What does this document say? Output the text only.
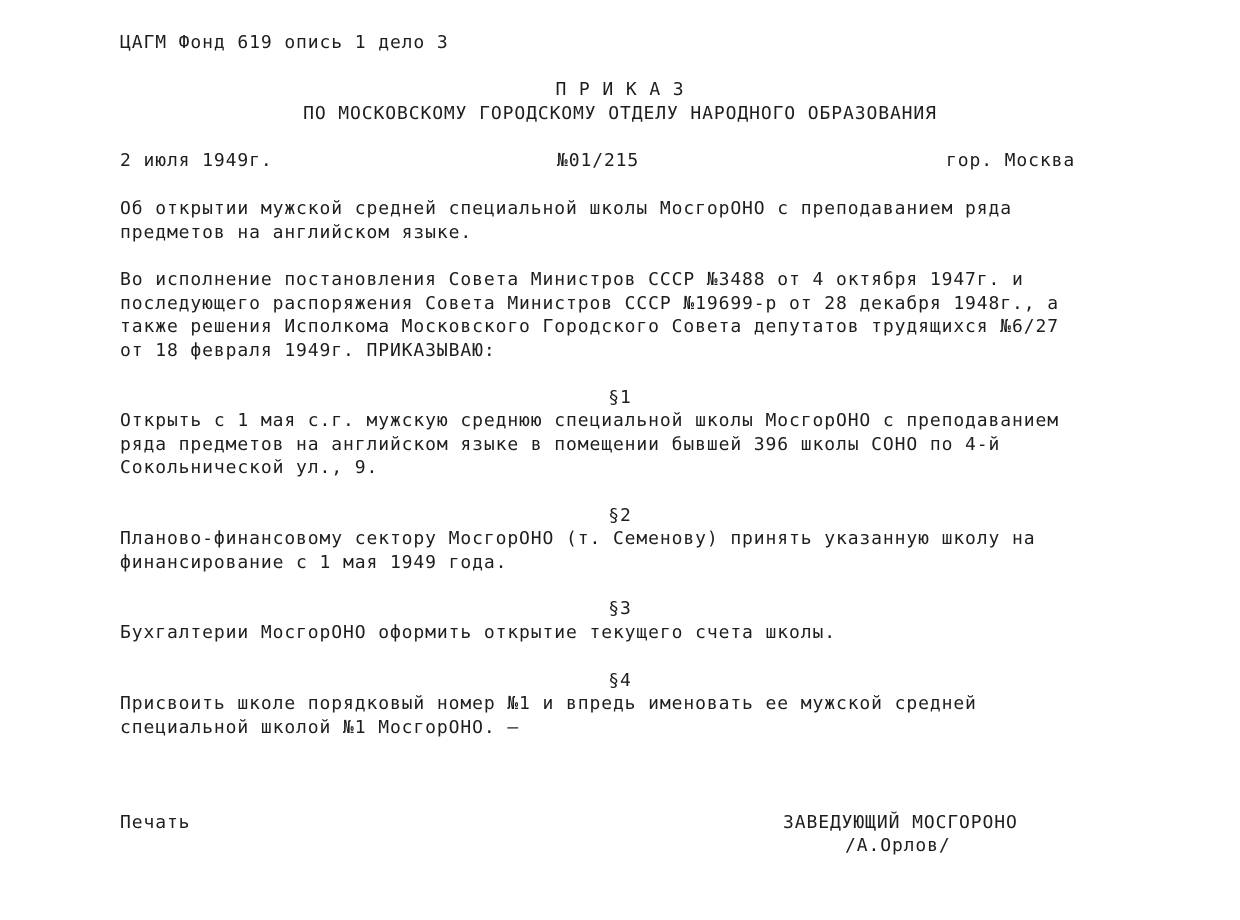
ЦАГМ Фонд 619 опись 1 дело 3
П Р И К А З
ПО МОСКОВСКОМУ ГОРОДСКОМУ ОТДЕЛУ НАРОДНОГО ОБРАЗОВАНИЯ
2 июля 1949г.	№01/215	гор. Москва
Об открытии мужской средней специальной школы МосгорОНО с преподаванием ряда
предметов на английском языке.
Во исполнение постановления Совета Министров СССР №3488 от 4 октября 1947г. и
последующего распоряжения Совета Министров СССР №19699-р от 28 декабря 1948г., а
также решения Исполкома Московского Городского Совета депутатов трудящихся №6/27
от 18 февраля 1949г. ПРИКАЗЫВАЮ:
§1
Открыть с 1 мая с.г. мужскую среднюю специальной школы МосгорОНО с преподаванием
ряда предметов на английском языке в помещении бывшей 396 школы СОНО по 4-й
Сокольнической ул., 9.
§2
Планово-финансовому сектору МосгорОНО (т. Семенову) принять указанную школу на
финансирование с 1 мая 1949 года.
§3
Бухгалтерии МосгорОНО оформить открытие текущего счета школы.
§4
Присвоить школе порядковый номер №1 и впредь именовать ее мужской средней
специальной школой №1 МосгорОНО. –
Печать	ЗАВЕДУЮЩИЙ МОСГОРОНО
/А.Орлов/
